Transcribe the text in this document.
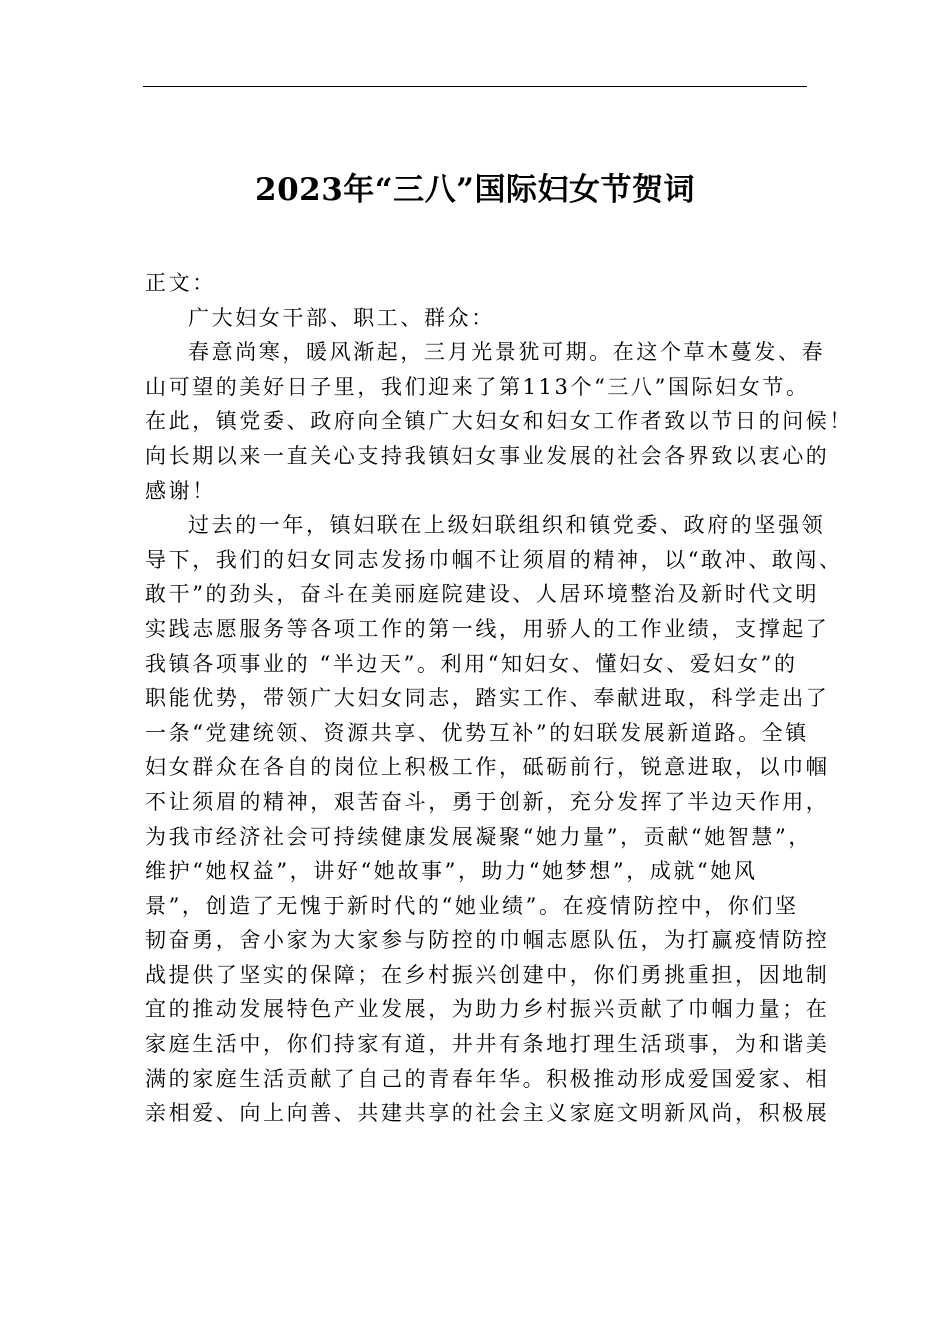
2023年“三八”国际妇女节贺词
正文：
广大妇女干部、职工、群众：
春意尚寒，暖风渐起，三月光景犹可期。在这个草木蔓发、春
山可望的美好日子里，我们迎来了第113个“三八”国际妇女节。
在此，镇党委、政府向全镇广大妇女和妇女工作者致以节日的问候！
向长期以来一直关心支持我镇妇女事业发展的社会各界致以衷心的
感谢！
过去的一年，镇妇联在上级妇联组织和镇党委、政府的坚强领
导下，我们的妇女同志发扬巾帼不让须眉的精神，以“敢冲、敢闯、
敢干”的劲头，奋斗在美丽庭院建设、人居环境整治及新时代文明
实践志愿服务等各项工作的第一线，用骄人的工作业绩，支撑起了
我镇各项事业的 “半边天”。利用“知妇女、懂妇女、爱妇女”的
职能优势，带领广大妇女同志，踏实工作、奉献进取，科学走出了
一条“党建统领、资源共享、优势互补”的妇联发展新道路。全镇
妇女群众在各自的岗位上积极工作，砥砺前行，锐意进取，以巾帼
不让须眉的精神，艰苦奋斗，勇于创新，充分发挥了半边天作用，
为我市经济社会可持续健康发展凝聚“她力量”，贡献“她智慧”，
维护“她权益”，讲好“她故事”，助力“她梦想”，成就“她风
景”，创造了无愧于新时代的“她业绩”。在疫情防控中，你们坚
韧奋勇，舍小家为大家参与防控的巾帼志愿队伍，为打赢疫情防控
战提供了坚实的保障；在乡村振兴创建中，你们勇挑重担，因地制
宜的推动发展特色产业发展，为助力乡村振兴贡献了巾帼力量；在
家庭生活中，你们持家有道，井井有条地打理生活琐事，为和谐美
满的家庭生活贡献了自己的青春年华。积极推动形成爱国爱家、相
亲相爱、向上向善、共建共享的社会主义家庭文明新风尚，积极展
